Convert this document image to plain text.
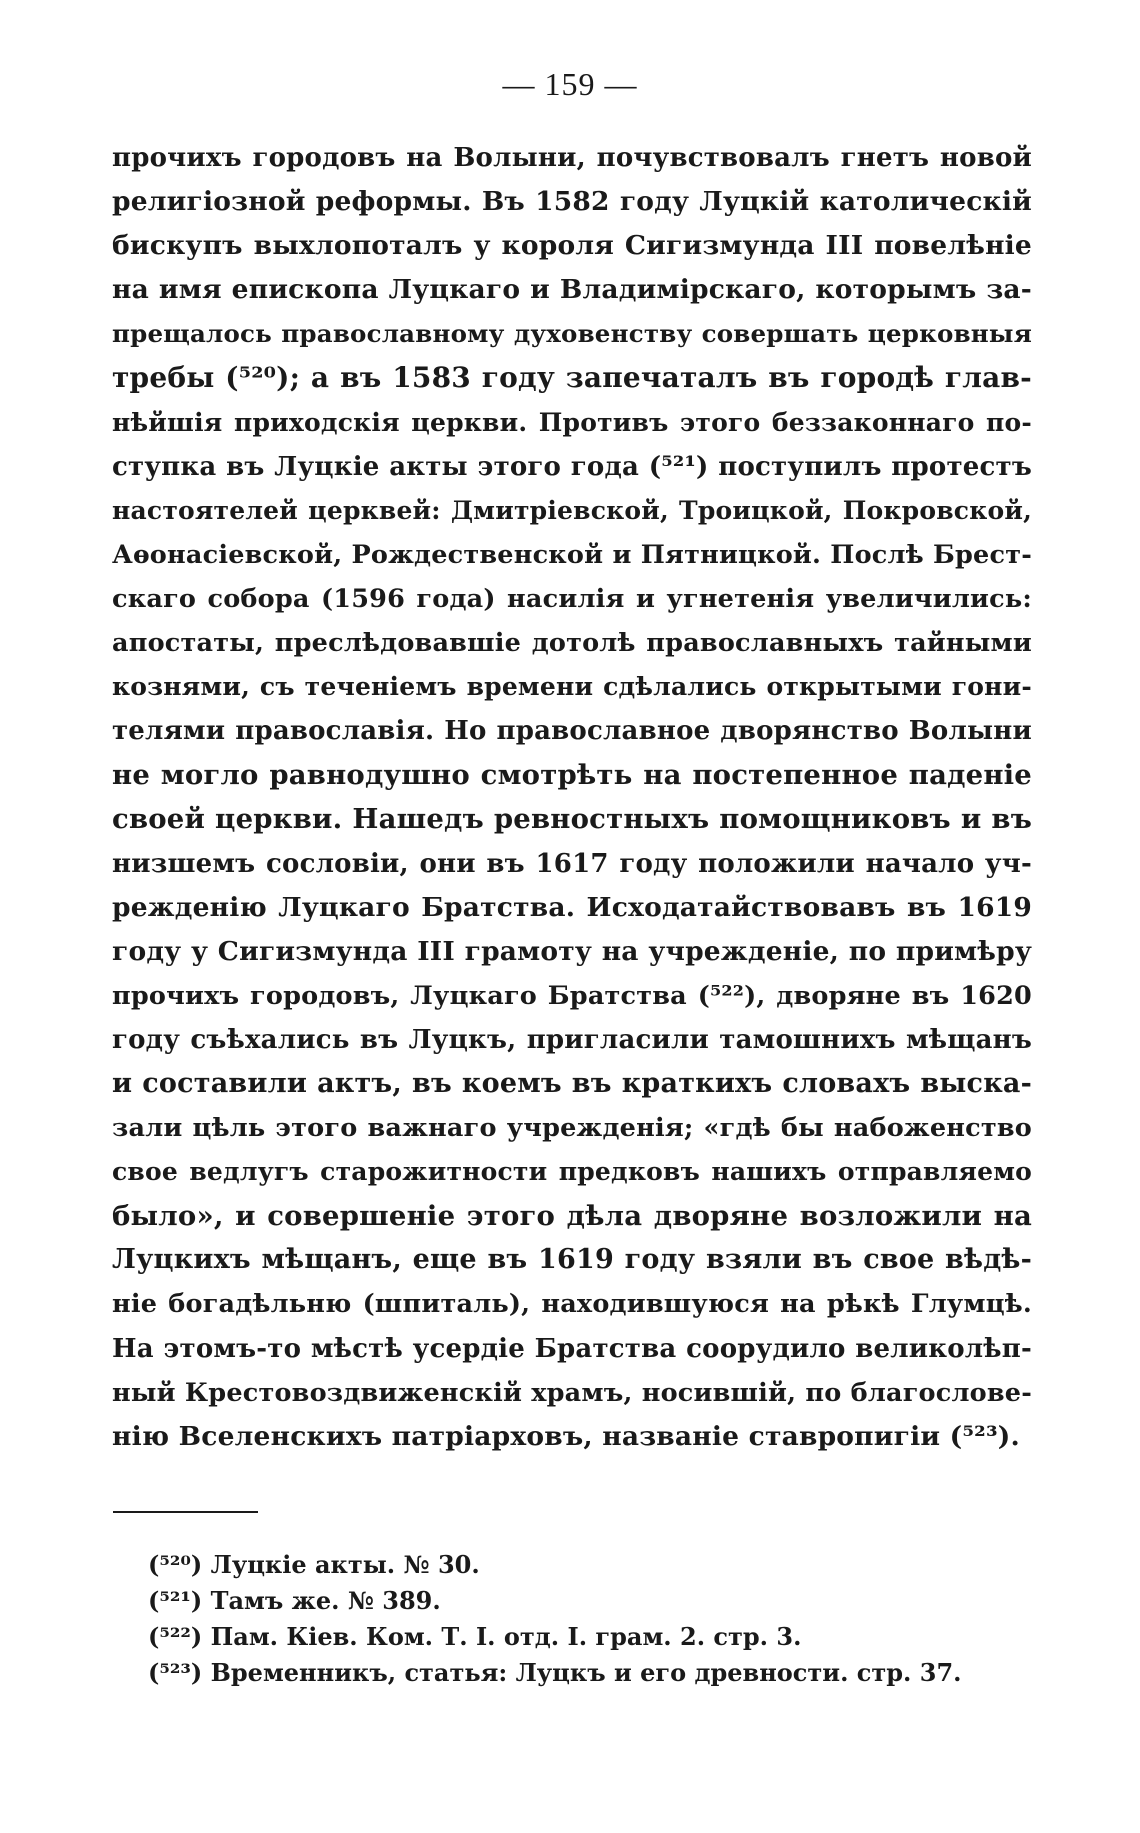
— 159 —
прочихъ городовъ на Волыни, почувствовалъ гнетъ новой
религіозной реформы. Въ 1582 году Луцкій католическій
бискупъ выхлопоталъ у короля Сигизмунда III повелѣніе
на имя епископа Луцкаго и Владимірскаго, которымъ за-
прещалось православному духовенству совершать церковныя
требы (⁵²⁰); а въ 1583 году запечаталъ въ городѣ глав-
нѣйшія приходскія церкви. Противъ этого беззаконнаго по-
ступка въ Луцкіе акты этого года (⁵²¹) поступилъ протестъ
настоятелей церквей: Дмитріевской, Троицкой, Покровской,
Аѳонасіевской, Рождественской и Пятницкой. Послѣ Брест-
скаго собора (1596 года) насилія и угнетенія увеличились:
апостаты, преслѣдовавшіе дотолѣ православныхъ тайными
кознями, съ теченіемъ времени сдѣлались открытыми гони-
телями православія. Но православное дворянство Волыни
не могло равнодушно смотрѣть на постепенное паденіе
своей церкви. Нашедъ ревностныхъ помощниковъ и въ
низшемъ сословіи, они въ 1617 году положили начало уч-
режденію Луцкаго Братства. Исходатайствовавъ въ 1619
году у Сигизмунда III грамоту на учрежденіе, по примѣру
прочихъ городовъ, Луцкаго Братства (⁵²²), дворяне въ 1620
году съѣхались въ Луцкъ, пригласили тамошнихъ мѣщанъ
и составили актъ, въ коемъ въ краткихъ словахъ выска-
зали цѣль этого важнаго учрежденія; «гдѣ бы набоженство
свое ведлугъ старожитности предковъ нашихъ отправляемо
было», и совершеніе этого дѣла дворяне возложили на
Луцкихъ мѣщанъ, еще въ 1619 году взяли въ свое вѣдѣ-
ніе богадѣльню (шпиталь), находившуюся на рѣкѣ Глумцѣ.
На этомъ-то мѣстѣ усердіе Братства соорудило великолѣп-
ный Крестовоздвиженскій храмъ, носившій, по благослове-
нію Вселенскихъ патріарховъ, названіе ставропигіи (⁵²³).
(⁵²⁰) Луцкіе акты. № 30.
(⁵²¹) Тамъ же. № 389.
(⁵²²) Пам. Кіев. Ком. Т. I. отд. I. грам. 2. стр. 3.
(⁵²³) Временникъ, статья: Луцкъ и его древности. стр. 37.
